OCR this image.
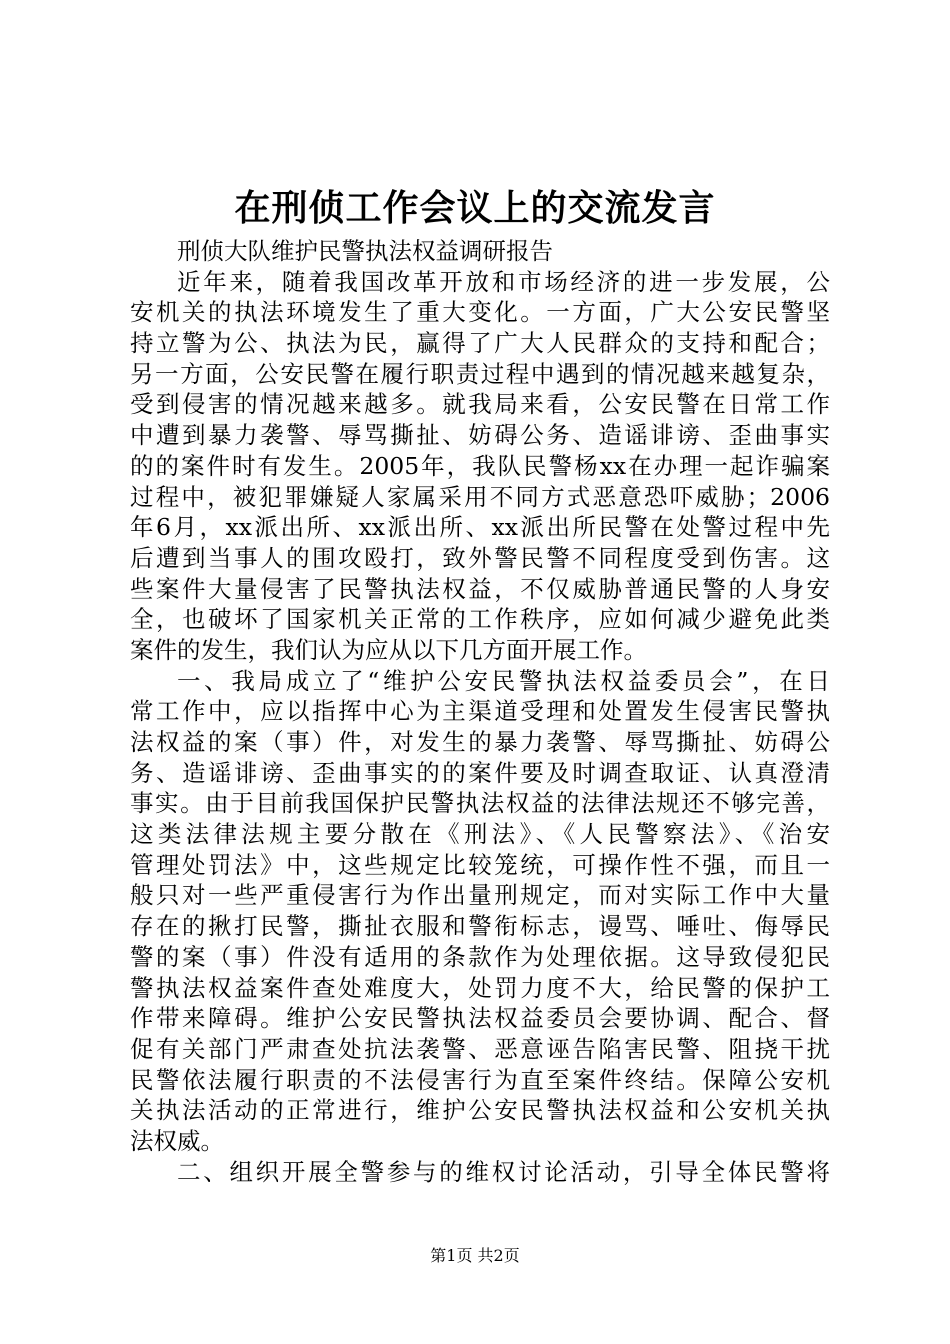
在刑侦工作会议上的交流发言
刑侦大队维护民警执法权益调研报告
近年来，随着我国改革开放和市场经济的进一步发展，公
安机关的执法环境发生了重大变化。一方面，广大公安民警坚
持立警为公、执法为民，赢得了广大人民群众的支持和配合；
另一方面，公安民警在履行职责过程中遇到的情况越来越复杂，
受到侵害的情况越来越多。就我局来看，公安民警在日常工作
中遭到暴力袭警、辱骂撕扯、妨碍公务、造谣诽谤、歪曲事实
的的案件时有发生。2005年，我队民警杨xx在办理一起诈骗案
过程中，被犯罪嫌疑人家属采用不同方式恶意恐吓威胁；2006
年6月，xx派出所、xx派出所、xx派出所民警在处警过程中先
后遭到当事人的围攻殴打，致外警民警不同程度受到伤害。这
些案件大量侵害了民警执法权益，不仅威胁普通民警的人身安
全，也破坏了国家机关正常的工作秩序，应如何减少避免此类
案件的发生，我们认为应从以下几方面开展工作。
一、我局成立了“维护公安民警执法权益委员会”，在日
常工作中，应以指挥中心为主渠道受理和处置发生侵害民警执
法权益的案（事）件，对发生的暴力袭警、辱骂撕扯、妨碍公
务、造谣诽谤、歪曲事实的的案件要及时调查取证、认真澄清
事实。由于目前我国保护民警执法权益的法律法规还不够完善，
这类法律法规主要分散在《刑法》、《人民警察法》、《治安
管理处罚法》中，这些规定比较笼统，可操作性不强，而且一
般只对一些严重侵害行为作出量刑规定，而对实际工作中大量
存在的揪打民警，撕扯衣服和警衔标志，谩骂、唾吐、侮辱民
警的案（事）件没有适用的条款作为处理依据。这导致侵犯民
警执法权益案件查处难度大，处罚力度不大，给民警的保护工
作带来障碍。维护公安民警执法权益委员会要协调、配合、督
促有关部门严肃查处抗法袭警、恶意诬告陷害民警、阻挠干扰
民警依法履行职责的不法侵害行为直至案件终结。保障公安机
关执法活动的正常进行，维护公安民警执法权益和公安机关执
法权威。
二、组织开展全警参与的维权讨论活动，引导全体民警将
第1页 共2页
